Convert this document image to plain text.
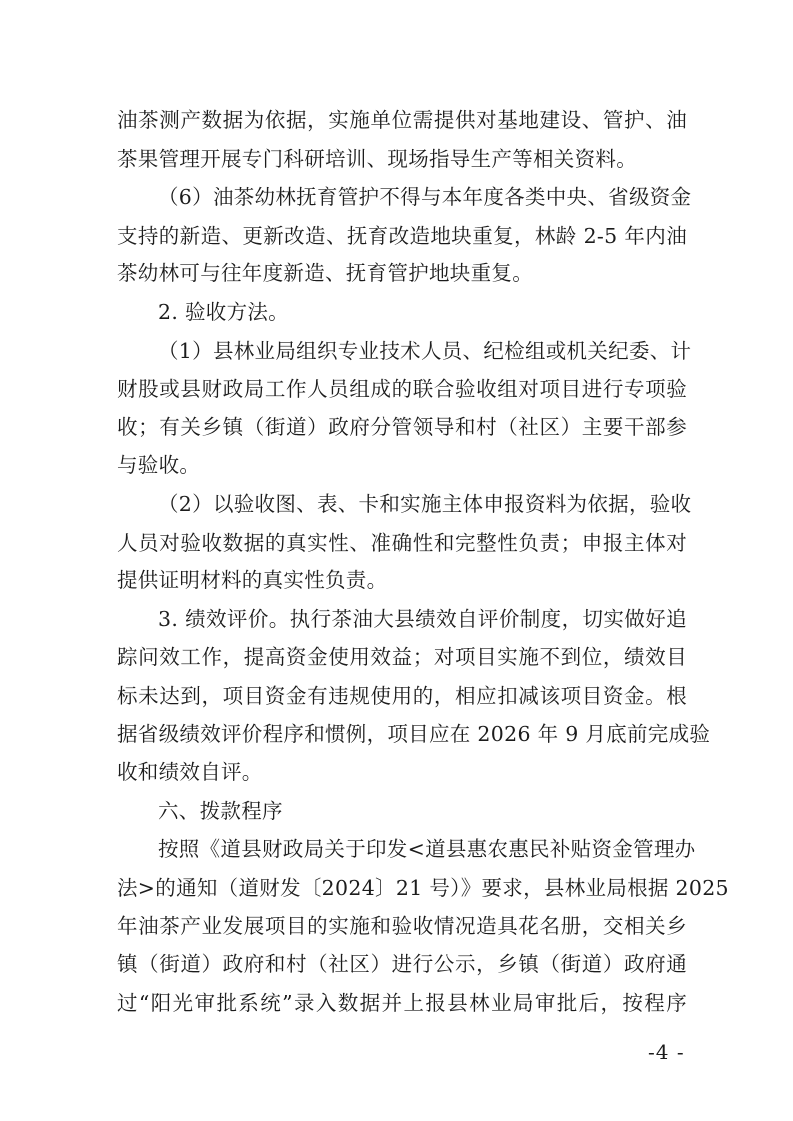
油茶测产数据为依据，实施单位需提供对基地建设、管护、油
茶果管理开展专门科研培训、现场指导生产等相关资料。
（6）油茶幼林抚育管护不得与本年度各类中央、省级资金
支持的新造、更新改造、抚育改造地块重复，林龄 2-5 年内油
茶幼林可与往年度新造、抚育管护地块重复。
2. 验收方法。
（1）县林业局组织专业技术人员、纪检组或机关纪委、计
财股或县财政局工作人员组成的联合验收组对项目进行专项验
收；有关乡镇（街道）政府分管领导和村（社区）主要干部参
与验收。
（2）以验收图、表、卡和实施主体申报资料为依据，验收
人员对验收数据的真实性、准确性和完整性负责；申报主体对
提供证明材料的真实性负责。
3. 绩效评价。执行茶油大县绩效自评价制度，切实做好追
踪问效工作，提高资金使用效益；对项目实施不到位，绩效目
标未达到，项目资金有违规使用的，相应扣减该项目资金。根
据省级绩效评价程序和惯例，项目应在 2026 年 9 月底前完成验
收和绩效自评。
六、拨款程序
按照《道县财政局关于印发<道县惠农惠民补贴资金管理办
法>的通知（道财发〔2024〕21 号）》要求，县林业局根据 2025
年油茶产业发展项目的实施和验收情况造具花名册，交相关乡
镇（街道）政府和村（社区）进行公示，乡镇（街道）政府通
过“阳光审批系统”录入数据并上报县林业局审批后，按程序
-4 -
